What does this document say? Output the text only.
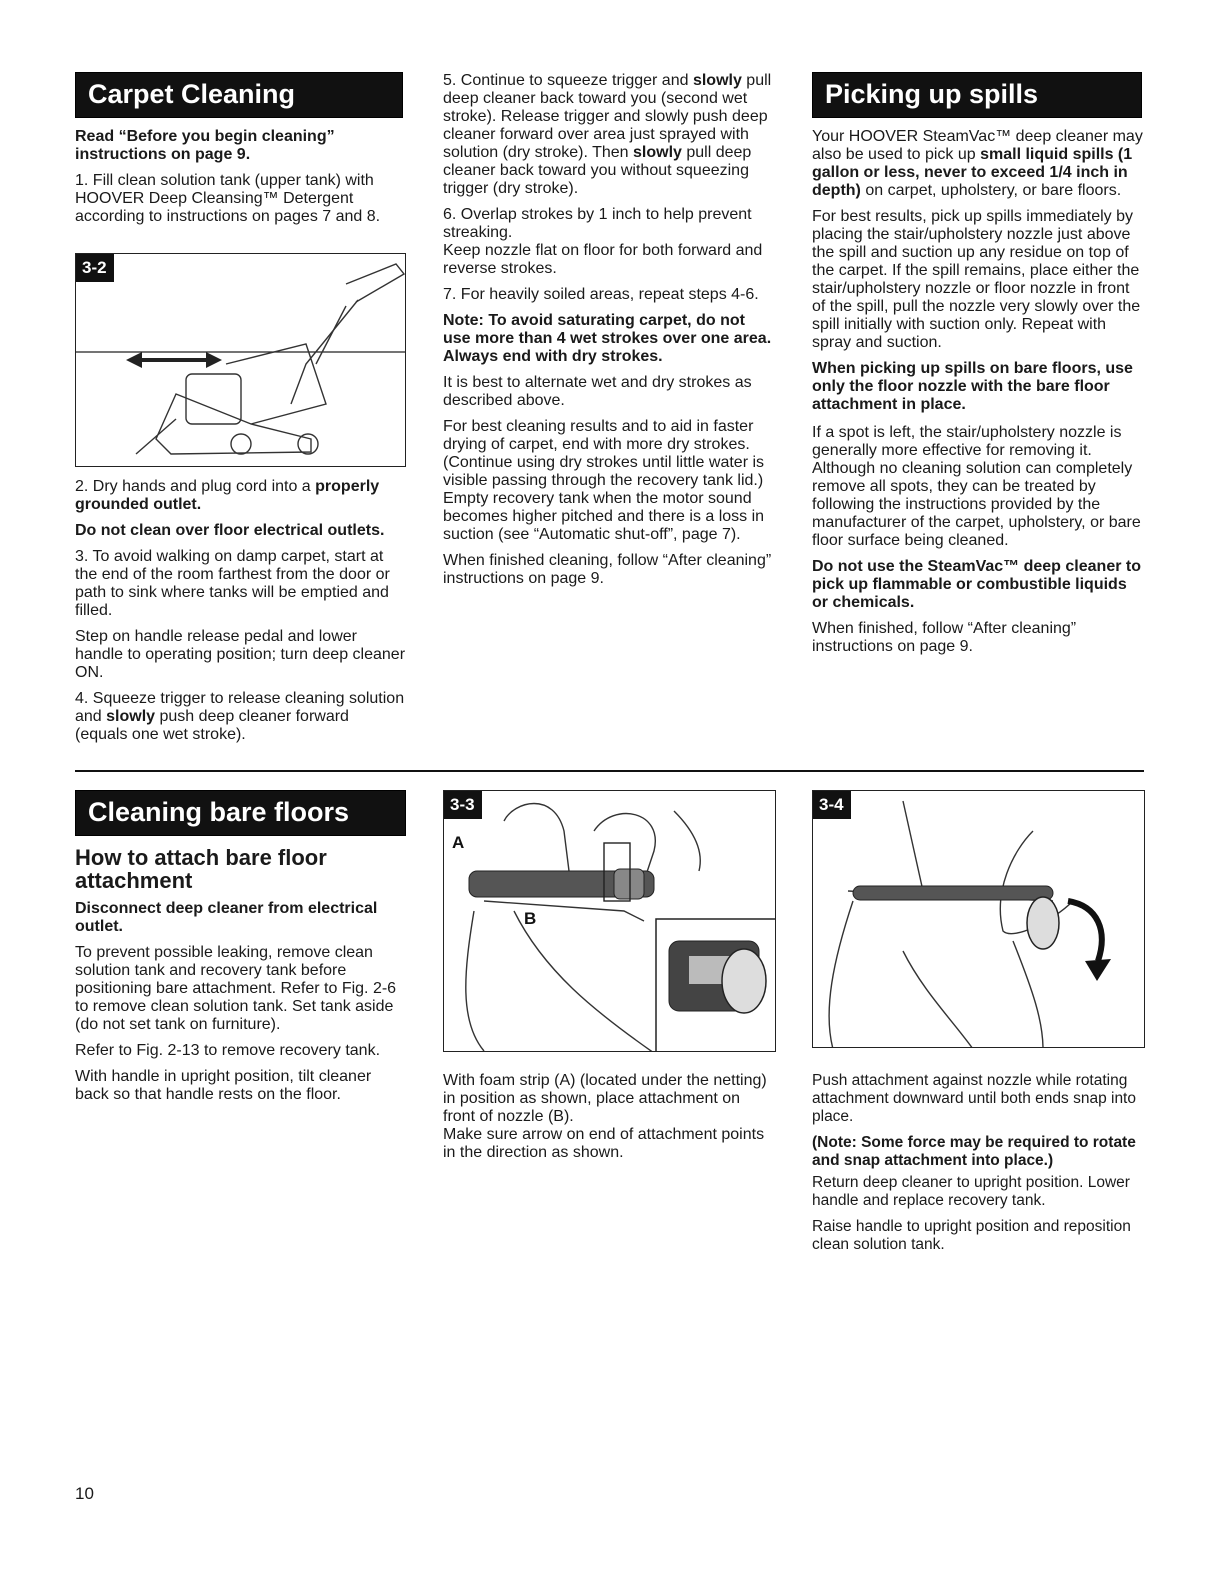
Carpet Cleaning

Read “Before you begin cleaning” instructions on page 9.

1. Fill clean solution tank (upper tank) with HOOVER Deep Cleansing™ Detergent according to instructions on pages 7 and 8.

3-2

2. Dry hands and plug cord into a properly grounded outlet.

Do not clean over floor electrical outlets.

3. To avoid walking on damp carpet, start at the end of the room farthest from the door or path to sink where tanks will be emptied and filled.

Step on handle release pedal and lower handle to operating position; turn deep cleaner ON.

4. Squeeze trigger to release cleaning solution and slowly push deep cleaner forward (equals one wet stroke).

5. Continue to squeeze trigger and slowly pull deep cleaner back toward you (second wet stroke). Release trigger and slowly push deep cleaner forward over area just sprayed with solution (dry stroke). Then slowly pull deep cleaner back toward you without squeezing trigger (dry stroke).

6. Overlap strokes by 1 inch to help prevent streaking.

Keep nozzle flat on floor for both forward and reverse strokes.

7. For heavily soiled areas, repeat steps 4-6.

Note: To avoid saturating carpet, do not use more than 4 wet strokes over one area. Always end with dry strokes.

It is best to alternate wet and dry strokes as described above.

For best cleaning results and to aid in faster drying of carpet, end with more dry strokes. (Continue using dry strokes until little water is visible passing through the recovery tank lid.)

Empty recovery tank when the motor sound becomes higher pitched and there is a loss in suction (see “Automatic shut-off”, page 7).

When finished cleaning, follow “After cleaning” instructions on page 9.

Picking up spills

Your HOOVER SteamVac™ deep cleaner may also be used to pick up small liquid spills (1 gallon or less, never to exceed 1/4 inch in depth) on carpet, upholstery, or bare floors.

For best results, pick up spills immediately by placing the stair/upholstery nozzle just above the spill and suction up any residue on top of the carpet. If the spill remains, place either the stair/upholstery nozzle or floor nozzle in front of the spill, pull the nozzle very slowly over the spill initially with suction only. Repeat with spray and suction.

When picking up spills on bare floors, use only the floor nozzle with the bare floor attachment in place.

If a spot is left, the stair/upholstery nozzle is generally more effective for removing it. Although no cleaning solution can completely remove all spots, they can be treated by following the instructions provided by the manufacturer of the carpet, upholstery, or bare floor surface being cleaned.

Do not use the SteamVac™ deep cleaner to pick up flammable or combustible liquids or chemicals.

When finished, follow “After cleaning” instructions on page 9.

Cleaning bare floors
How to attach bare floor attachment

Disconnect deep cleaner from electrical outlet.

To prevent possible leaking, remove clean solution tank and recovery tank before positioning bare attachment. Refer to Fig. 2-6 to remove clean solution tank. Set tank aside (do not set tank on furniture).

Refer to Fig. 2-13 to remove recovery tank.

With handle in upright position, tilt cleaner back so that handle rests on the floor.

3-3
A
B

With foam strip (A) (located under the netting) in position as shown, place attachment on front of nozzle (B).

Make sure arrow on end of attachment points in the direction as shown.

3-4

Push attachment against nozzle while rotating attachment downward until both ends snap into place.

(Note: Some force may be required to rotate and snap attachment into place.)

Return deep cleaner to upright position. Lower handle and replace recovery tank.

Raise handle to upright position and reposition clean solution tank.

10
